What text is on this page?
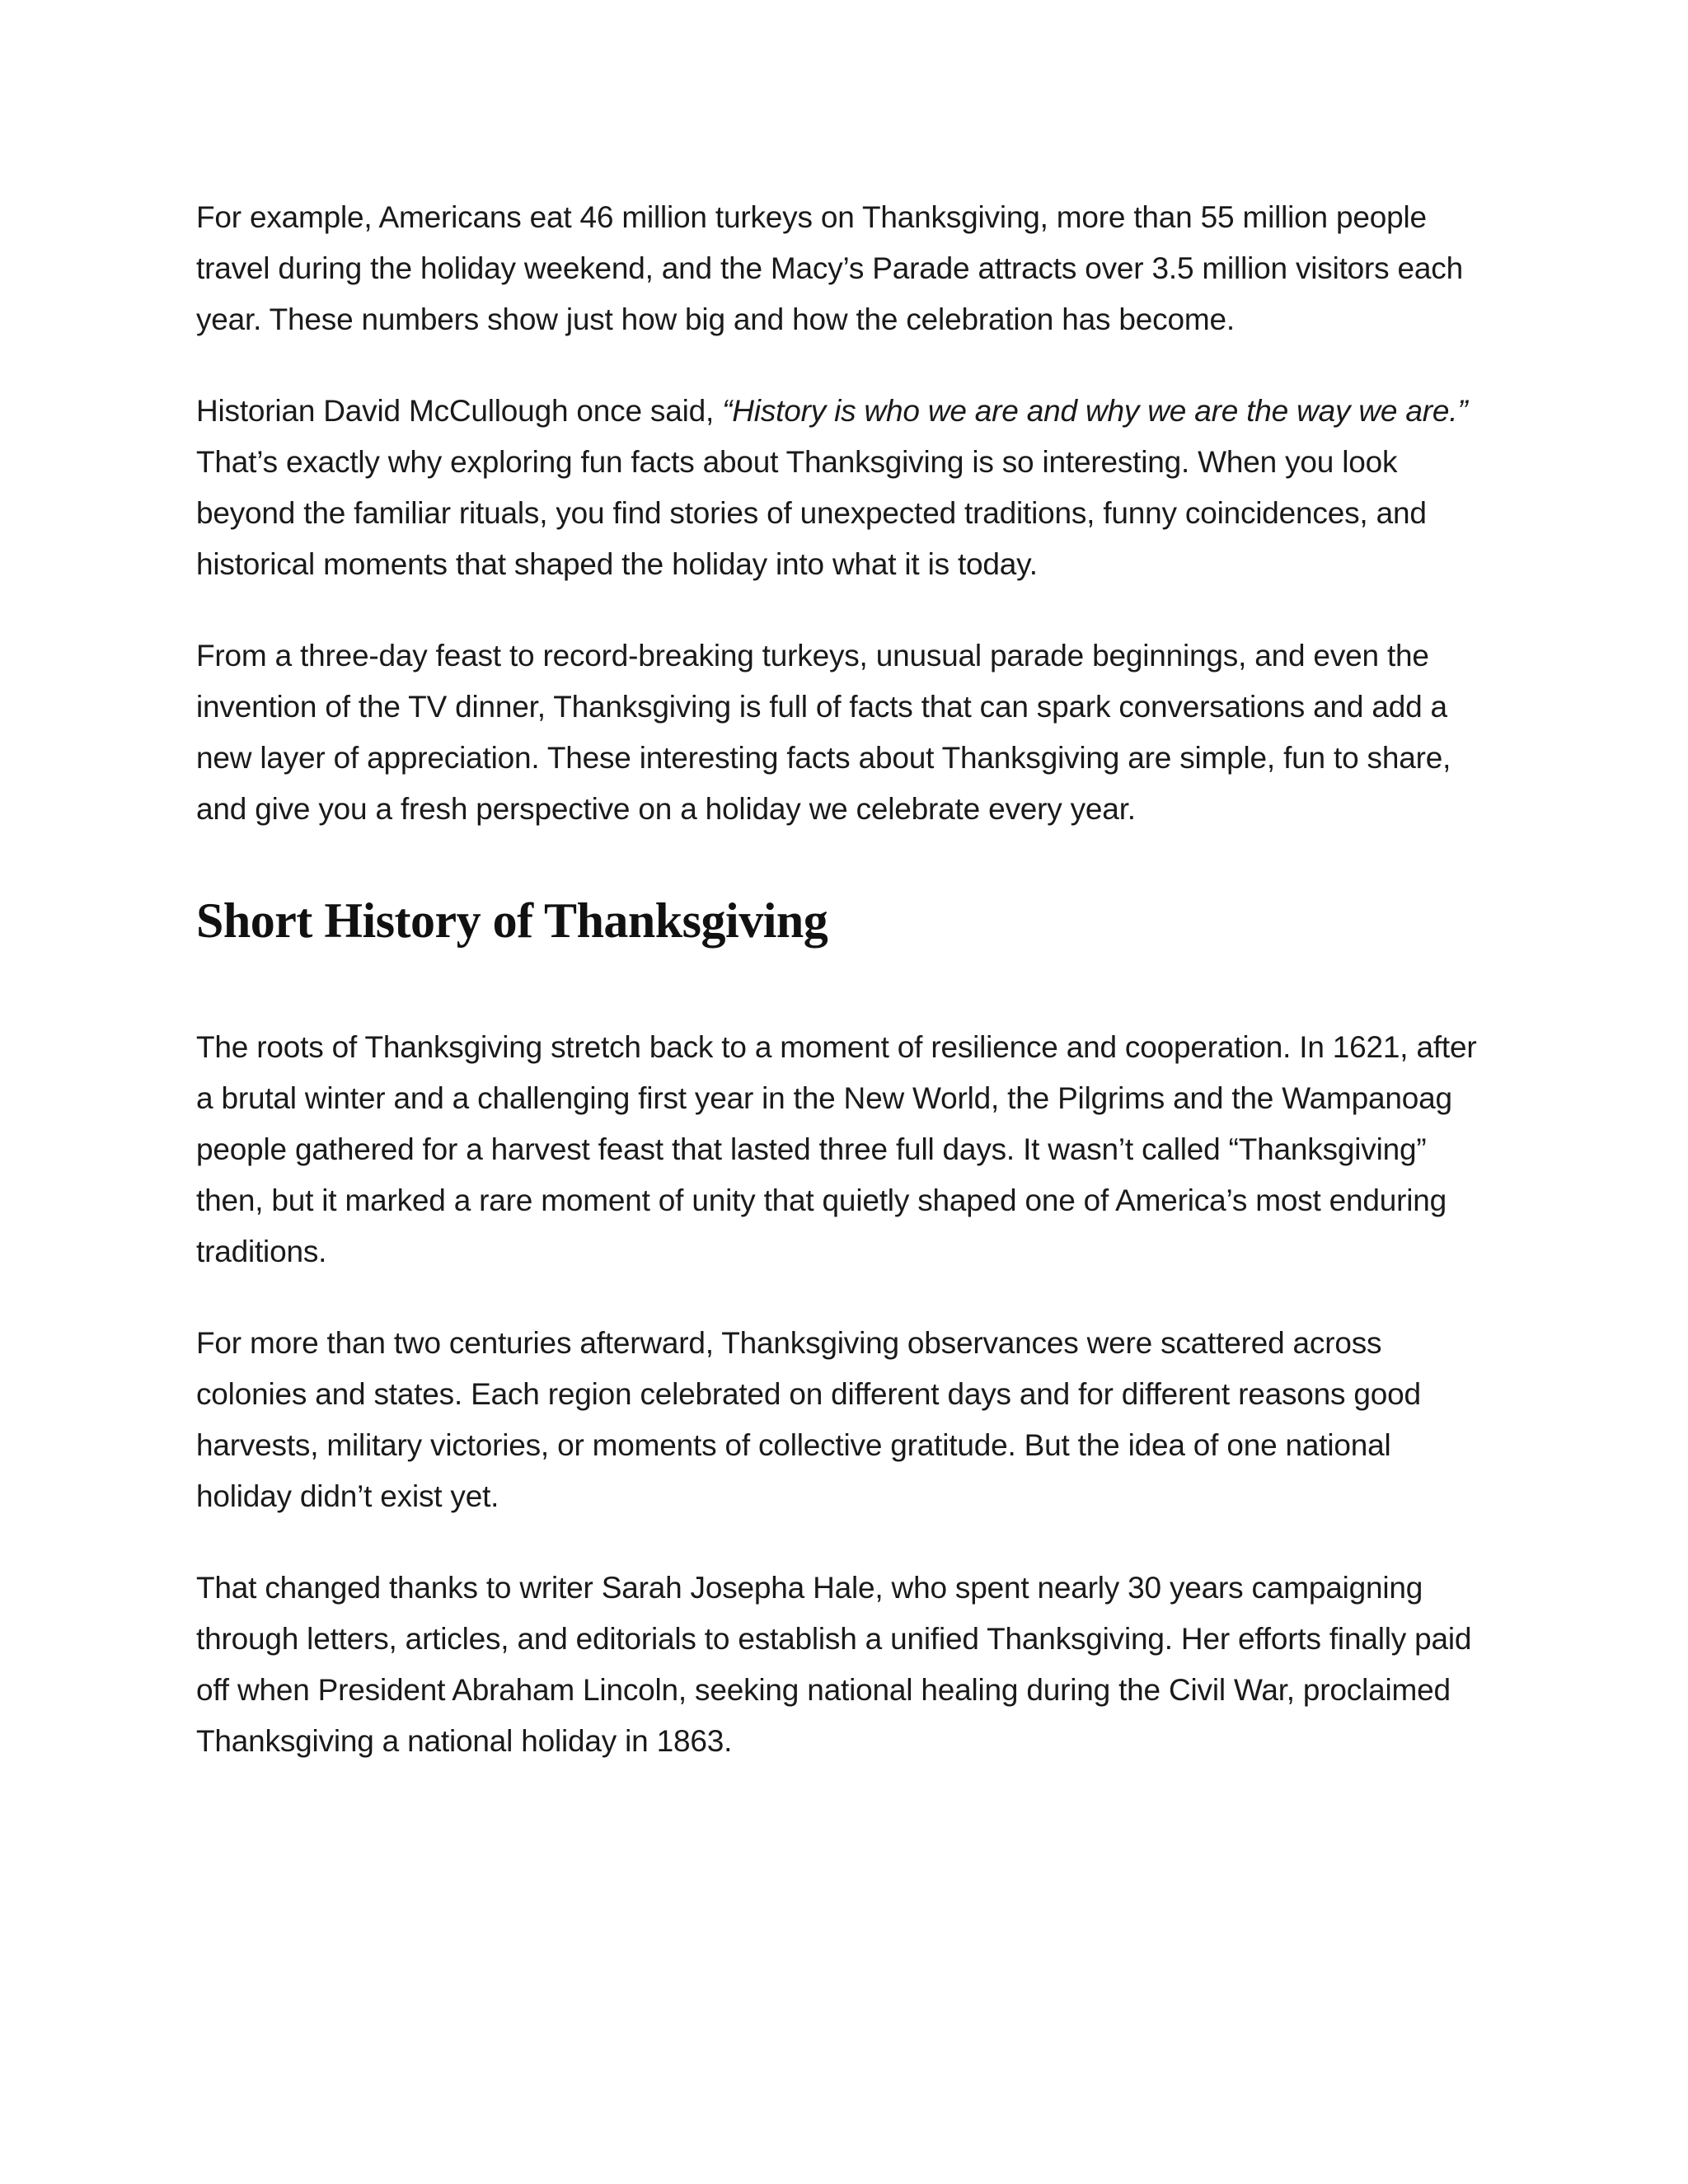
For example, Americans eat 46 million turkeys on Thanksgiving, more than 55 million people travel during the holiday weekend, and the Macy’s Parade attracts over 3.5 million visitors each year. These numbers show just how big and how the celebration has become.

Historian David McCullough once said, “History is who we are and why we are the way we are.” That’s exactly why exploring fun facts about Thanksgiving is so interesting. When you look beyond the familiar rituals, you find stories of unexpected traditions, funny coincidences, and historical moments that shaped the holiday into what it is today.

From a three-day feast to record-breaking turkeys, unusual parade beginnings, and even the invention of the TV dinner, Thanksgiving is full of facts that can spark conversations and add a new layer of appreciation. These interesting facts about Thanksgiving are simple, fun to share, and give you a fresh perspective on a holiday we celebrate every year.

Short History of Thanksgiving

The roots of Thanksgiving stretch back to a moment of resilience and cooperation. In 1621, after a brutal winter and a challenging first year in the New World, the Pilgrims and the Wampanoag people gathered for a harvest feast that lasted three full days. It wasn’t called “Thanksgiving” then, but it marked a rare moment of unity that quietly shaped one of America’s most enduring traditions.

For more than two centuries afterward, Thanksgiving observances were scattered across colonies and states. Each region celebrated on different days and for different reasons good harvests, military victories, or moments of collective gratitude. But the idea of one national holiday didn’t exist yet.

That changed thanks to writer Sarah Josepha Hale, who spent nearly 30 years campaigning through letters, articles, and editorials to establish a unified Thanksgiving. Her efforts finally paid off when President Abraham Lincoln, seeking national healing during the Civil War, proclaimed Thanksgiving a national holiday in 1863.
